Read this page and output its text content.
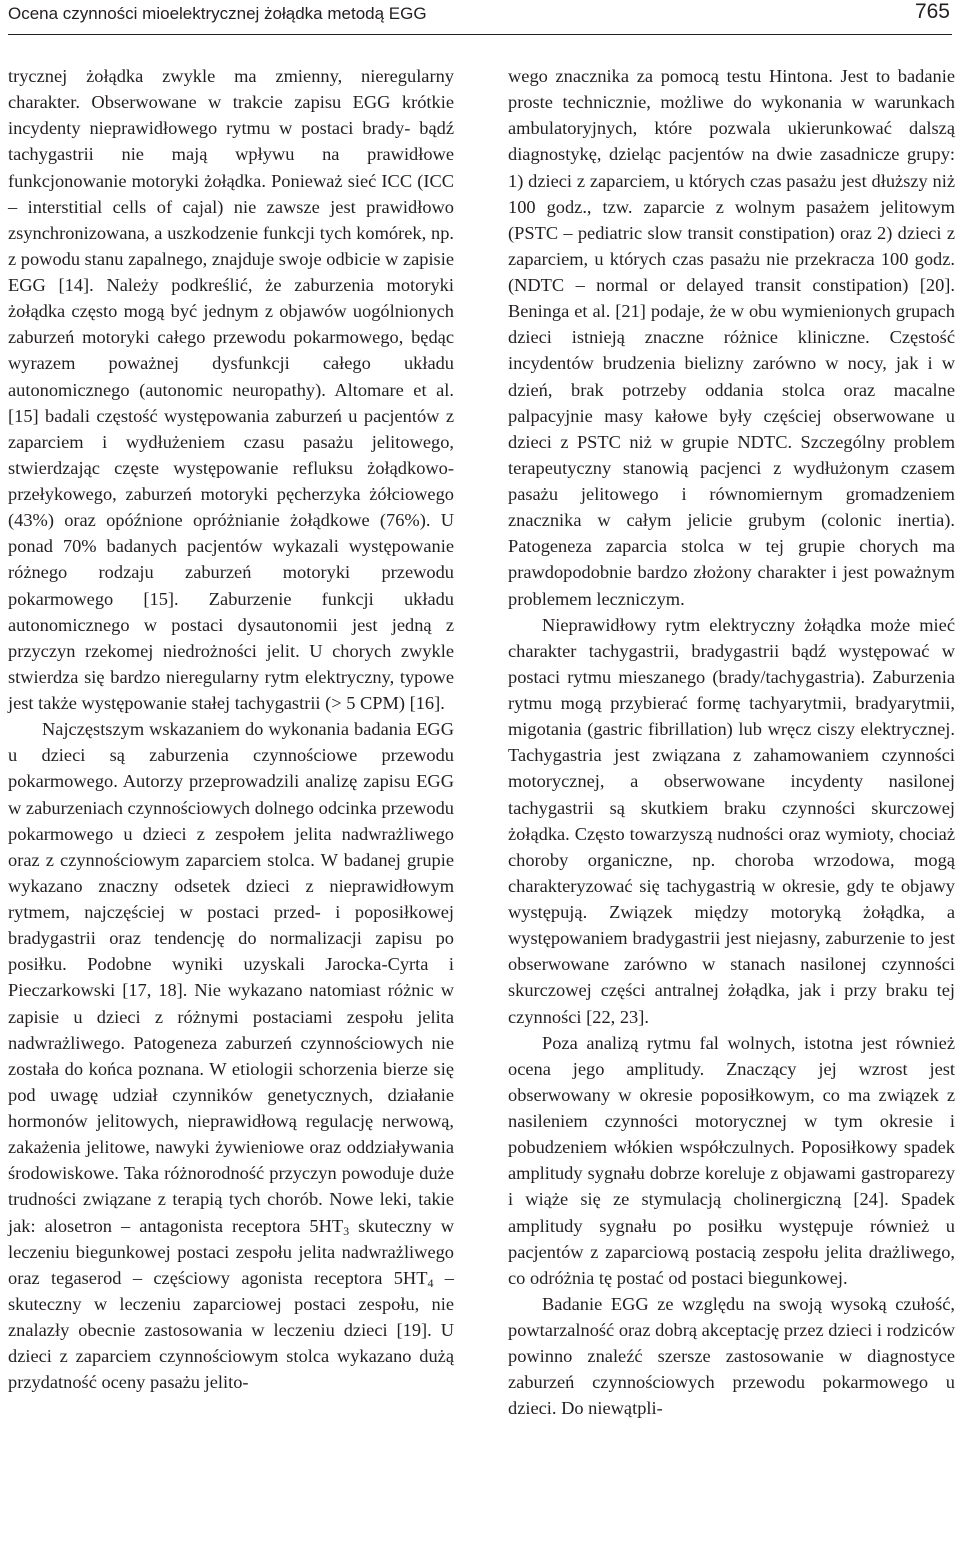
Ocena czynności mioelektrycznej żołądka metodą EGG	765

trycznej żołądka zwykle ma zmienny, nieregularny charakter. Obserwowane w trakcie zapisu EGG krótkie incydenty nieprawidłowego rytmu w postaci brady- bądź tachygastrii nie mają wpływu na prawidłowe funkcjonowanie motoryki żołądka. Ponieważ sieć ICC (ICC – interstitial cells of cajal) nie zawsze jest prawidłowo zsynchronizowana, a uszkodzenie funkcji tych komórek, np. z powodu stanu zapalnego, znajduje swoje odbicie w zapisie EGG [14]. Należy podkreślić, że zaburzenia motoryki żołądka często mogą być jednym z objawów uogólnionych zaburzeń motoryki całego przewodu pokarmowego, będąc wyrazem poważnej dysfunkcji całego układu autonomicznego (autonomic neuropathy). Altomare et al. [15] badali częstość występowania zaburzeń u pacjentów z zaparciem i wydłużeniem czasu pasażu jelitowego, stwierdzając częste występowanie refluksu żołądkowo-przełykowego, zaburzeń motoryki pęcherzyka żółciowego (43%) oraz opóźnione opróżnianie żołądkowe (76%). U ponad 70% badanych pacjentów wykazali występowanie różnego rodzaju zaburzeń motoryki przewodu pokarmowego [15]. Zaburzenie funkcji układu autonomicznego w postaci dysautonomii jest jedną z przyczyn rzekomej niedrożności jelit. U chorych zwykle stwierdza się bardzo nieregularny rytm elektryczny, typowe jest także występowanie stałej tachygastrii (> 5 CPM) [16].

Najczęstszym wskazaniem do wykonania badania EGG u dzieci są zaburzenia czynnościowe przewodu pokarmowego. Autorzy przeprowadzili analizę zapisu EGG w zaburzeniach czynnościowych dolnego odcinka przewodu pokarmowego u dzieci z zespołem jelita nadwrażliwego oraz z czynnościowym zaparciem stolca. W badanej grupie wykazano znaczny odsetek dzieci z nieprawidłowym rytmem, najczęściej w postaci przed- i poposiłkowej bradygastrii oraz tendencję do normalizacji zapisu po posiłku. Podobne wyniki uzyskali Jarocka-Cyrta i Pieczarkowski [17, 18]. Nie wykazano natomiast różnic w zapisie u dzieci z różnymi postaciami zespołu jelita nadwrażliwego. Patogeneza zaburzeń czynnościowych nie została do końca poznana. W etiologii schorzenia bierze się pod uwagę udział czynników genetycznych, działanie hormonów jelitowych, nieprawidłową regulację nerwową, zakażenia jelitowe, nawyki żywieniowe oraz oddziaływania środowiskowe. Taka różnorodność przyczyn powoduje duże trudności związane z terapią tych chorób. Nowe leki, takie jak: alosetron – antagonista receptora $5HT_3$ skuteczny w leczeniu biegunkowej postaci zespołu jelita nadwrażliwego oraz tegaserod – częściowy agonista receptora $5HT_4$ – skuteczny w leczeniu zaparciowej postaci zespołu, nie znalazły obecnie zastosowania w leczeniu dzieci [19]. U dzieci z zaparciem czynnościowym stolca wykazano dużą przydatność oceny pasażu jelito-

wego znacznika za pomocą testu Hintona. Jest to badanie proste technicznie, możliwe do wykonania w warunkach ambulatoryjnych, które pozwala ukierunkować dalszą diagnostykę, dzieląc pacjentów na dwie zasadnicze grupy: 1) dzieci z zaparciem, u których czas pasażu jest dłuższy niż 100 godz., tzw. zaparcie z wolnym pasażem jelitowym (PSTC – pediatric slow transit constipation) oraz 2) dzieci z zaparciem, u których czas pasażu nie przekracza 100 godz. (NDTC – normal or delayed transit constipation) [20]. Beninga et al. [21] podaje, że w obu wymienionych grupach dzieci istnieją znaczne różnice kliniczne. Częstość incydentów brudzenia bielizny zarówno w nocy, jak i w dzień, brak potrzeby oddania stolca oraz macalne palpacyjnie masy kałowe były częściej obserwowane u dzieci z PSTC niż w grupie NDTC. Szczególny problem terapeutyczny stanowią pacjenci z wydłużonym czasem pasażu jelitowego i równomiernym gromadzeniem znacznika w całym jelicie grubym (colonic inertia). Patogeneza zaparcia stolca w tej grupie chorych ma prawdopodobnie bardzo złożony charakter i jest poważnym problemem leczniczym.

Nieprawidłowy rytm elektryczny żołądka może mieć charakter tachygastrii, bradygastrii bądź występować w postaci rytmu mieszanego (brady/tachygastria). Zaburzenia rytmu mogą przybierać formę tachyarytmii, bradyarytmii, migotania (gastric fibrillation) lub wręcz ciszy elektrycznej. Tachygastria jest związana z zahamowaniem czynności motorycznej, a obserwowane incydenty nasilonej tachygastrii są skutkiem braku czynności skurczowej żołądka. Często towarzyszą nudności oraz wymioty, chociaż choroby organiczne, np. choroba wrzodowa, mogą charakteryzować się tachygastrią w okresie, gdy te objawy występują. Związek między motoryką żołądka, a występowaniem bradygastrii jest niejasny, zaburzenie to jest obserwowane zarówno w stanach nasilonej czynności skurczowej części antralnej żołądka, jak i przy braku tej czynności [22, 23].

Poza analizą rytmu fal wolnych, istotna jest również ocena jego amplitudy. Znaczący jej wzrost jest obserwowany w okresie poposiłkowym, co ma związek z nasileniem czynności motorycznej w tym okresie i pobudzeniem włókien współczulnych. Poposiłkowy spadek amplitudy sygnału dobrze koreluje z objawami gastroparezy i wiąże się ze stymulacją cholinergiczną [24]. Spadek amplitudy sygnału po posiłku występuje również u pacjentów z zaparciową postacią zespołu jelita drażliwego, co odróżnia tę postać od postaci biegunkowej.

Badanie EGG ze względu na swoją wysoką czułość, powtarzalność oraz dobrą akceptację przez dzieci i rodziców powinno znaleźć szersze zastosowanie w diagnostyce zaburzeń czynnościowych przewodu pokarmowego u dzieci. Do niewątpli-
